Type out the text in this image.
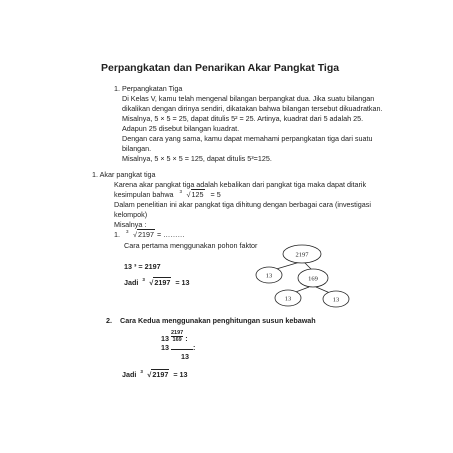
Perpangkatan dan Penarikan Akar Pangkat Tiga
1. Perpangkatan Tiga
Di Kelas V, kamu telah mengenal bilangan berpangkat dua. Jika suatu bilangan
dikalikan dengan dirinya sendiri, dikatakan bahwa bilangan tersebut dikuadratkan.
Misalnya, 5 × 5 = 25, dapat ditulis 5² = 25. Artinya, kuadrat dari 5 adalah 25.
Adapun 25 disebut bilangan kuadrat.
Dengan cara yang sama, kamu dapat memahami perpangkatan tiga dari suatu
bilangan.
Misalnya, 5 × 5 × 5 = 125, dapat ditulis 5³=125.
1. Akar pangkat tiga
Karena akar pangkat tiga adalah kebalikan dari pangkat tiga maka dapat ditarik
kesimpulan bahwa 3 √125 = 5
Dalam penelitian ini akar pangkat tiga dihitung dengan berbagai cara (investigasi
kelompok)
Misalnya :
1. 3 √2197 = ………
Cara pertama menggunakan pohon faktor
13 ³ = 2197
Jadi 3 √2197 = 13
2197
13	169
13	13
2. Cara Kedua menggunakan penghitungan susun kebawah
$13 \frac{2197}{169}$ :
13	:
13
Jadi 3 √2197 = 13
